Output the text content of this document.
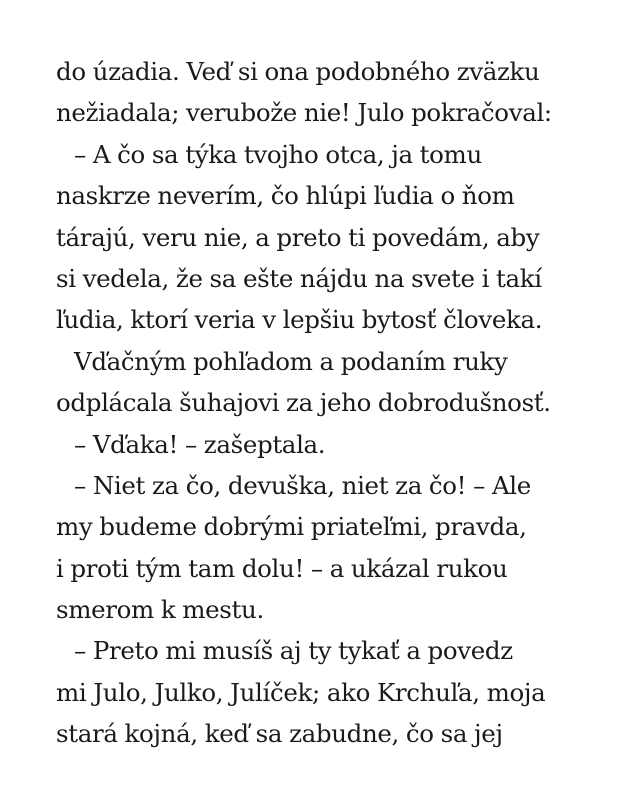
do úzadia. Veď si ona podobného zväzku
nežiadala; verubože nie! Julo pokračoval:
– A čo sa týka tvojho otca, ja tomu
naskrze neverím, čo hlúpi ľudia o ňom
tárajú, veru nie, a preto ti povedám, aby
si vedela, že sa ešte nájdu na svete i takí
ľudia, ktorí veria v lepšiu bytosť človeka.
Vďačným pohľadom a podaním ruky
odplácala šuhajovi za jeho dobrodušnosť.
– Vďaka! – zašeptala.
– Niet za čo, devuška, niet za čo! – Ale
my budeme dobrými priateľmi, pravda,
i proti tým tam dolu! – a ukázal rukou
smerom k mestu.
– Preto mi musíš aj ty tykať a povedz
mi Julo, Julko, Julíček; ako Krchuľa, moja
stará kojná, keď sa zabudne, čo sa jej
